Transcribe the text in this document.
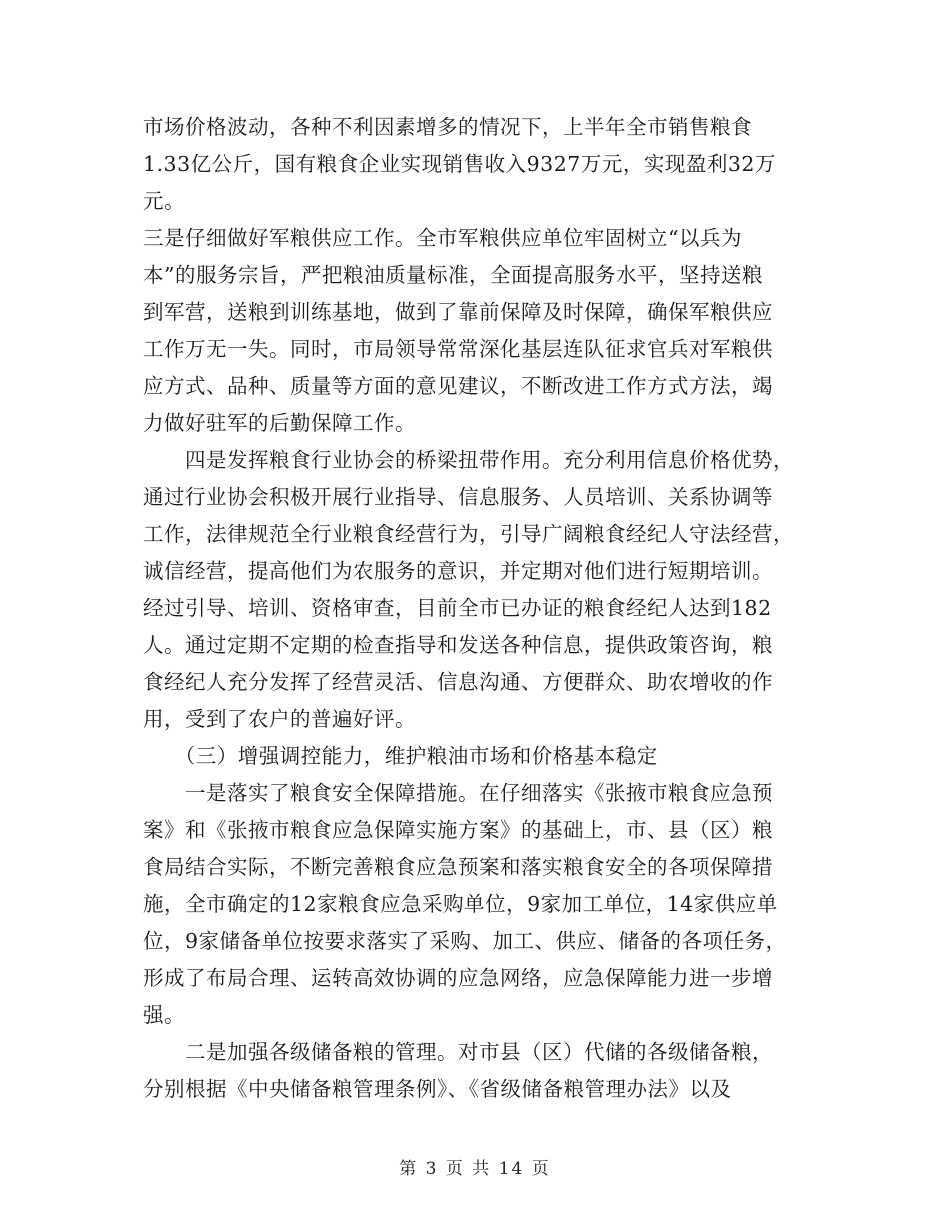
市场价格波动，各种不利因素增多的情况下，上半年全市销售粮食
1.33亿公斤，国有粮食企业实现销售收入9327万元，实现盈利32万
元。
三是仔细做好军粮供应工作。全市军粮供应单位牢固树立“以兵为
本”的服务宗旨，严把粮油质量标准，全面提高服务水平，坚持送粮
到军营，送粮到训练基地，做到了靠前保障及时保障，确保军粮供应
工作万无一失。同时，市局领导常常深化基层连队征求官兵对军粮供
应方式、品种、质量等方面的意见建议，不断改进工作方式方法，竭
力做好驻军的后勤保障工作。
　　四是发挥粮食行业协会的桥梁扭带作用。充分利用信息价格优势，
通过行业协会积极开展行业指导、信息服务、人员培训、关系协调等
工作，法律规范全行业粮食经营行为，引导广阔粮食经纪人守法经营，
诚信经营，提高他们为农服务的意识，并定期对他们进行短期培训。
经过引导、培训、资格审查，目前全市已办证的粮食经纪人达到182
人。通过定期不定期的检查指导和发送各种信息，提供政策咨询，粮
食经纪人充分发挥了经营灵活、信息沟通、方便群众、助农增收的作
用，受到了农户的普遍好评。
　　（三）增强调控能力，维护粮油市场和价格基本稳定
　　一是落实了粮食安全保障措施。在仔细落实《张掖市粮食应急预
案》和《张掖市粮食应急保障实施方案》的基础上，市、县（区）粮
食局结合实际，不断完善粮食应急预案和落实粮食安全的各项保障措
施，全市确定的12家粮食应急采购单位，9家加工单位，14家供应单
位，9家储备单位按要求落实了采购、加工、供应、储备的各项任务，
形成了布局合理、运转高效协调的应急网络，应急保障能力进一步增
强。
　　二是加强各级储备粮的管理。对市县（区）代储的各级储备粮，
分别根据《中央储备粮管理条例》、《省级储备粮管理办法》以及
第 3 页 共 14 页
